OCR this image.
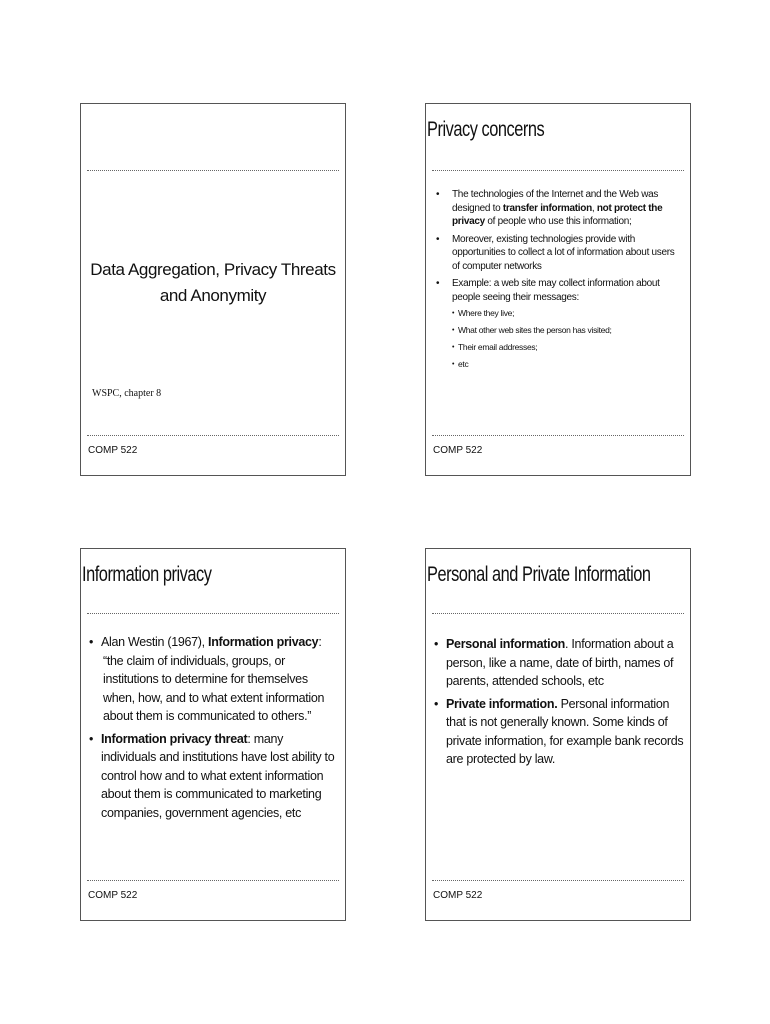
Data Aggregation, Privacy Threats
and Anonymity
WSPC, chapter 8
COMP 522
Privacy concerns
• The technologies of the Internet and the Web was designed to transfer information, not protect the privacy of people who use this information;
• Moreover, existing technologies provide with opportunities to collect a lot of information about users of computer networks
• Example: a web site may collect information about people seeing their messages:
• Where they live;
• What other web sites the person has visited;
• Their email addresses;
• etc
COMP 522
Information privacy
• Alan Westin (1967), Information privacy:
“the claim of individuals, groups, or institutions to determine for themselves when, how, and to what extent information about them is communicated to others.”
• Information privacy threat: many individuals and institutions have lost ability to control how and to what extent information about them is communicated to marketing companies, government agencies, etc
COMP 522
Personal and Private Information
• Personal information. Information about a person, like a name, date of birth, names of parents, attended schools, etc
• Private information. Personal information that is not generally known. Some kinds of private information, for example bank records are protected by law.
COMP 522
